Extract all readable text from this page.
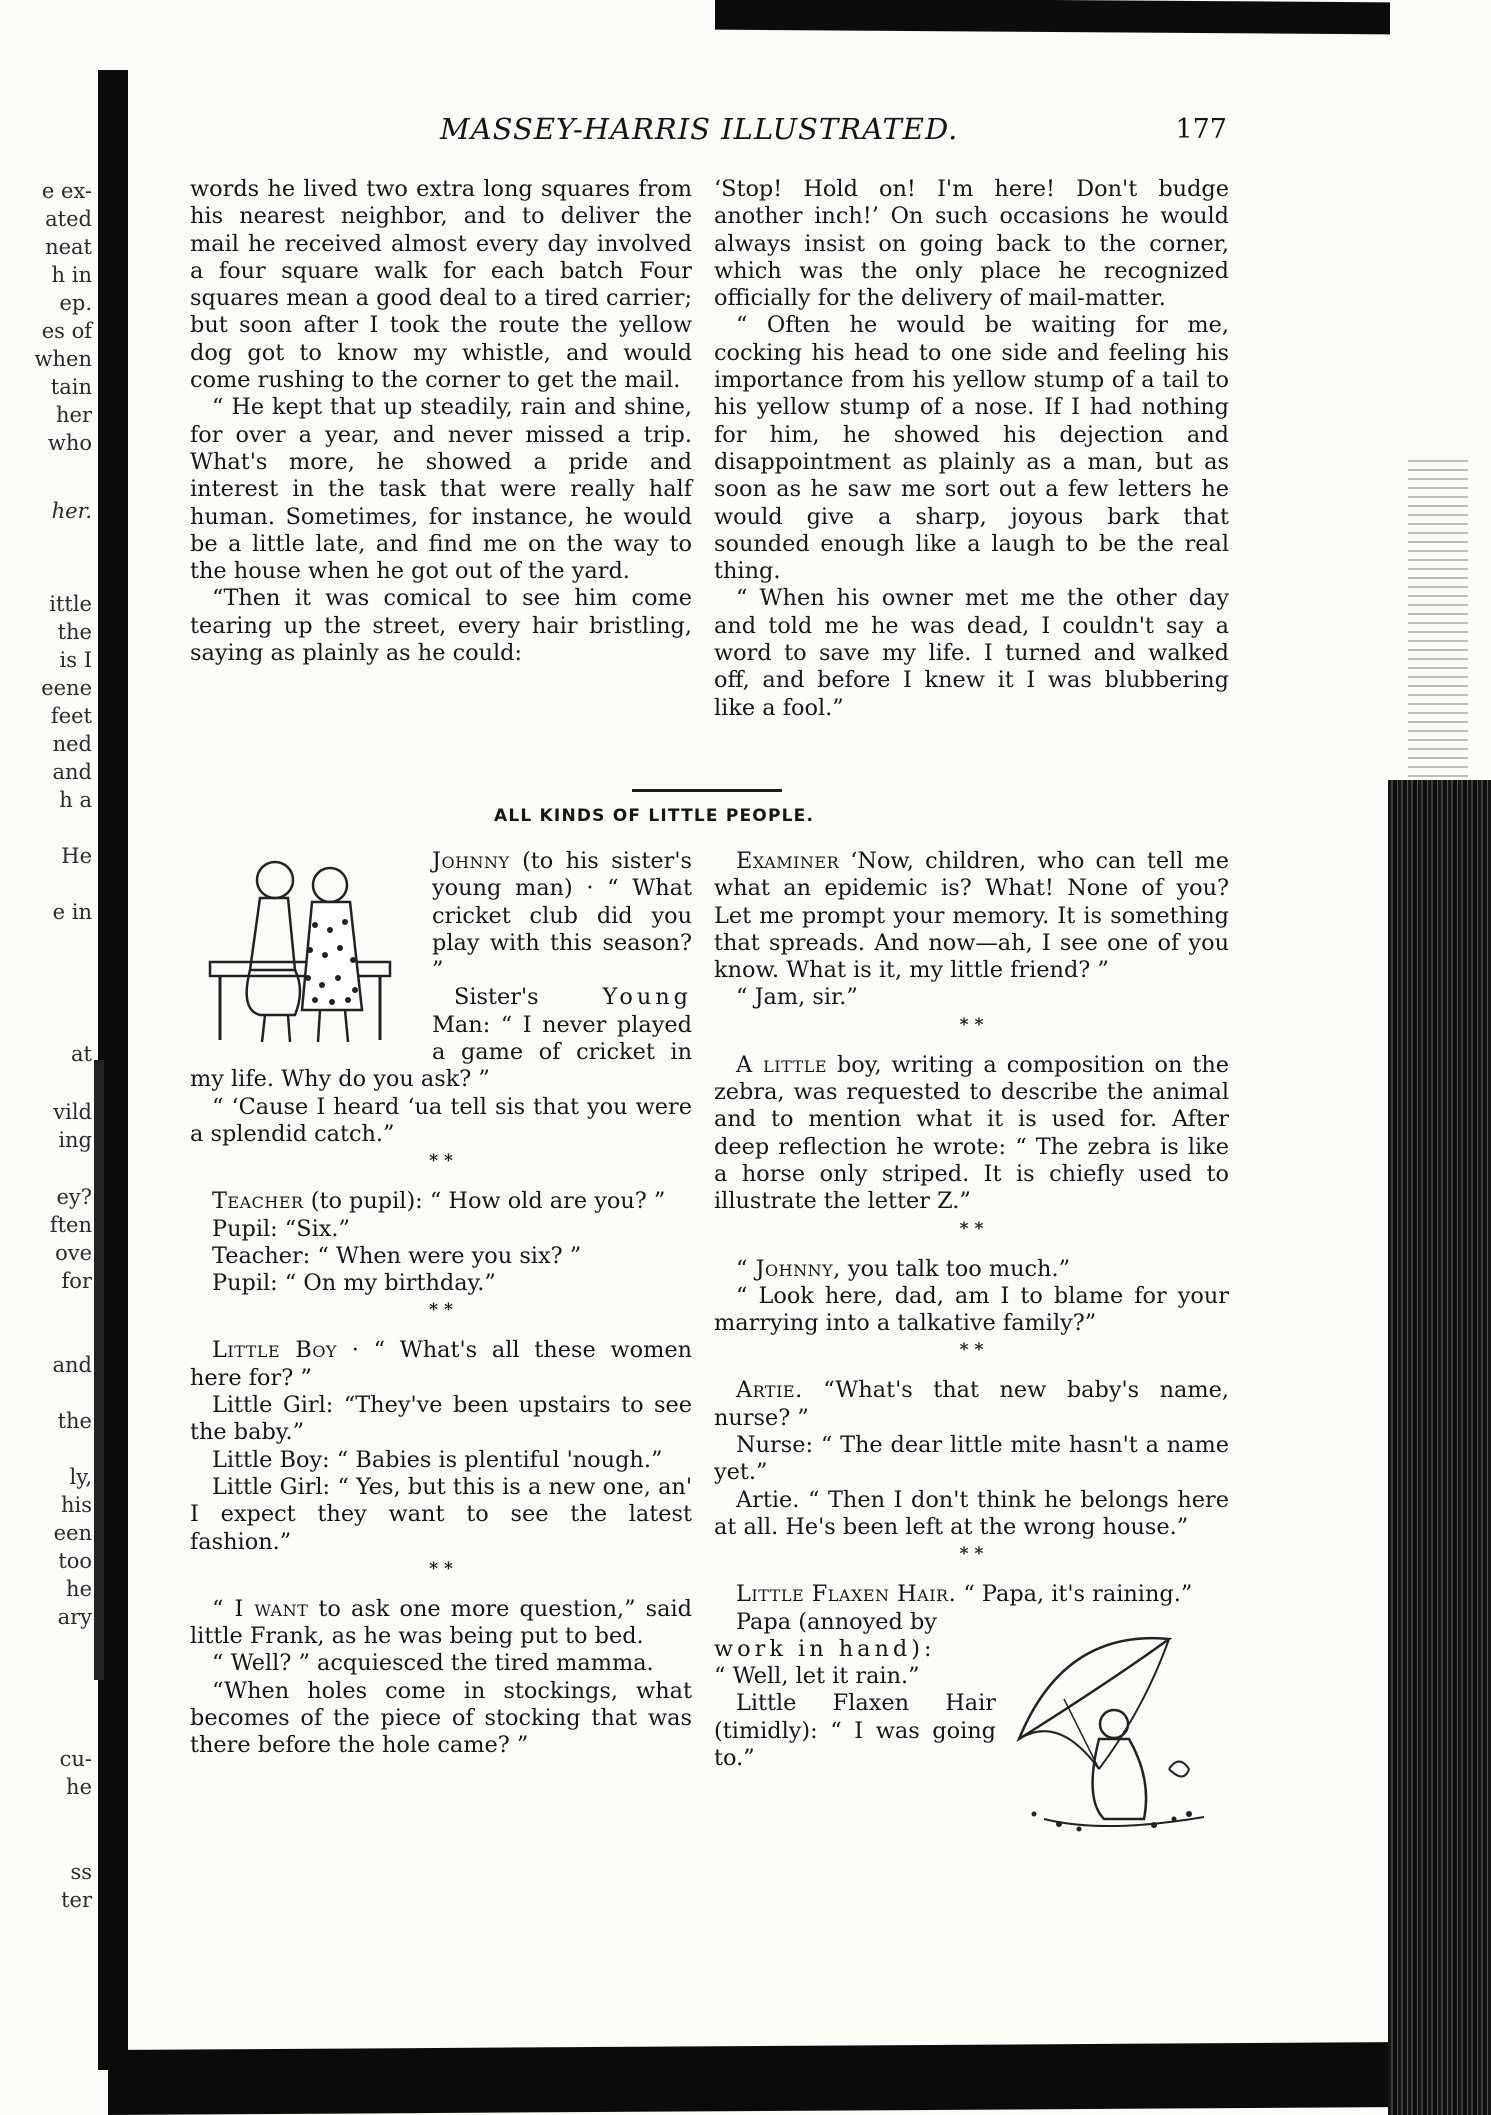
e ex-
ated
neat
h in
ep.
es of
when
tain
her
who
her.
ittle
the
is I
eene
feet
ned
and
h a
He
e in
at
vild
ing
ey?
ften
ove
for
and
the
ly,
his
een
too
he
ary
cu-
he
ss
ter
MASSEY-HARRIS ILLUSTRATED.	177

words he lived two extra long squares from his nearest neighbor, and to deliver the mail he received almost every day involved a four square walk for each batch Four squares mean a good deal to a tired carrier; but soon after I took the route the yellow dog got to know my whistle, and would come rushing to the corner to get the mail.

“ He kept that up steadily, rain and shine, for over a year, and never missed a trip. What's more, he showed a pride and interest in the task that were really half human. Sometimes, for instance, he would be a little late, and find me on the way to the house when he got out of the yard.

“Then it was comical to see him come tearing up the street, every hair bristling, saying as plainly as he could:

‘Stop! Hold on! I'm here! Don't budge another inch!’ On such occasions he would always insist on going back to the corner, which was the only place he recognized officially for the delivery of mail-matter.

“ Often he would be waiting for me, cocking his head to one side and feeling his importance from his yellow stump of a tail to his yellow stump of a nose. If I had nothing for him, he showed his dejection and disappointment as plainly as a man, but as soon as he saw me sort out a few letters he would give a sharp, joyous bark that sounded enough like a laugh to be the real thing.

“ When his owner met me the other day and told me he was dead, I couldn't say a word to save my life. I turned and walked off, and before I knew it I was blubbering like a fool.”

ALL KINDS OF LITTLE PEOPLE.

Johnny (to his sister's young man) · “ What cricket club did you play with this season? ”

Sister's	Young Man: “ I never played a game of cricket in my life. Why do you ask? ”

“ ‘Cause I heard ‘ua tell sis that you were a splendid catch.”

* *

Teacher (to pupil): “ How old are you? ”

Pupil: “Six.”

Teacher: “ When were you six? ”

Pupil: “ On my birthday.”

* *

Little Boy · “ What's all these women here for? ”

Little Girl: “They've been upstairs to see the baby.”

Little Boy: “ Babies is plentiful 'nough.”

Little Girl: “ Yes, but this is a new one, an' I expect they want to see the latest fashion.”

* *

“ I want to ask one more question,” said little Frank, as he was being put to bed.

“ Well? ” acquiesced the tired mamma.

“When holes come in stockings, what becomes of the piece of stocking that was there before the hole came? ”

Examiner ‘Now, children, who can tell me what an epidemic is? What! None of you? Let me prompt your memory. It is something that spreads. And now—ah, I see one of you know. What is it, my little friend? ”

“ Jam, sir.”

* *

A little boy, writing a composition on the zebra, was requested to describe the animal and to mention what it is used for. After deep reflection he wrote: “ The zebra is like a horse only striped. It is chiefly used to illustrate the letter Z.”

* *

“ Johnny, you talk too much.”

“ Look here, dad, am I to blame for your marrying into a talkative family?”

* *

Artie. “What's that new baby's name, nurse? ”

Nurse: “ The dear little mite hasn't a name yet.”

Artie. “ Then I don't think he belongs here at all. He's been left at the wrong house.”

* *

Little Flaxen Hair. “ Papa, it's raining.”

Papa (annoyed by

work in hand):

“ Well, let it rain.”

Little Flaxen Hair (timidly): “ I was going to.”
